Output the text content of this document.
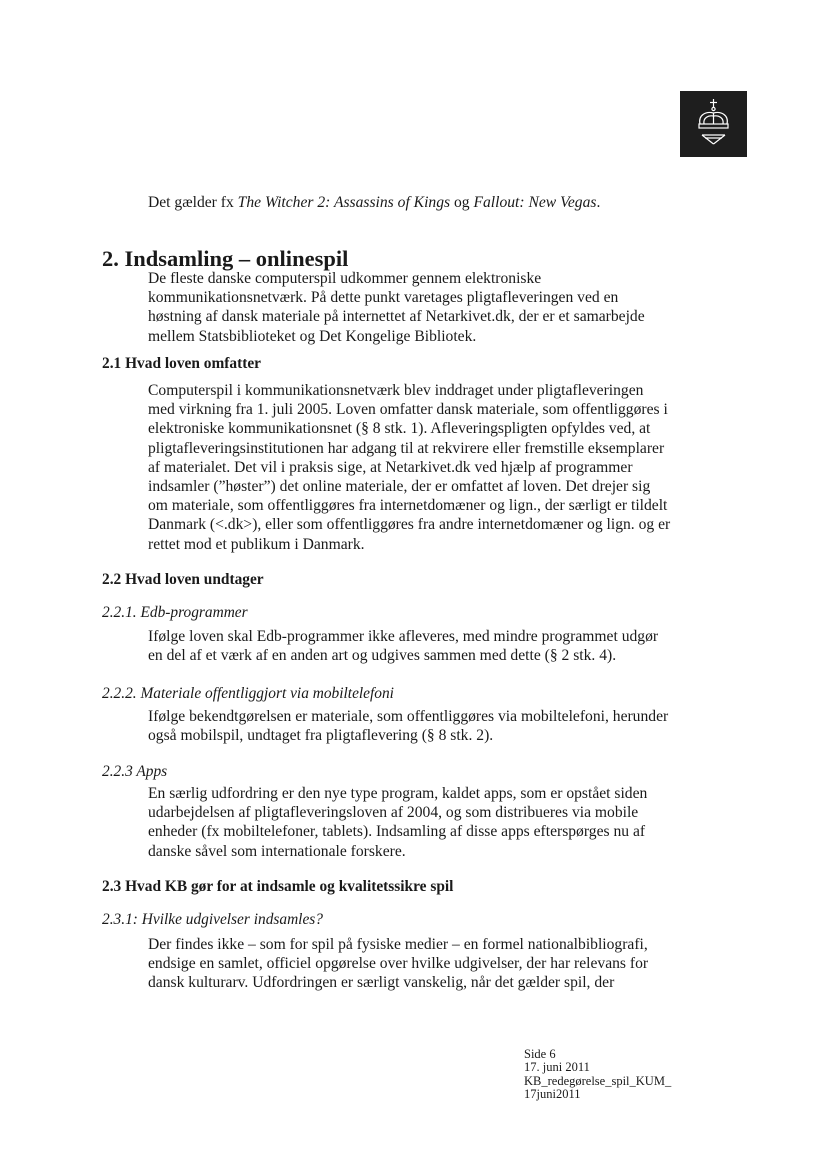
Det gælder fx The Witcher 2: Assassins of Kings og Fallout: New Vegas.

2. Indsamling – onlinespil
De fleste danske computerspil udkommer gennem elektroniske
kommunikationsnetværk. På dette punkt varetages pligtafleveringen ved en
høstning af dansk materiale på internettet af Netarkivet.dk, der er et samarbejde
mellem Statsbiblioteket og Det Kongelige Bibliotek.
2.1 Hvad loven omfatter
Computerspil i kommunikationsnetværk blev inddraget under pligtafleveringen
med virkning fra 1. juli 2005. Loven omfatter dansk materiale, som offentliggøres i
elektroniske kommunikationsnet (§ 8 stk. 1). Afleveringspligten opfyldes ved, at
pligtafleveringsinstitutionen har adgang til at rekvirere eller fremstille eksemplarer
af materialet. Det vil i praksis sige, at Netarkivet.dk ved hjælp af programmer
indsamler (”høster”) det online materiale, der er omfattet af loven. Det drejer sig
om materiale, som offentliggøres fra internetdomæner og lign., der særligt er tildelt
Danmark (<.dk>), eller som offentliggøres fra andre internetdomæner og lign. og er
rettet mod et publikum i Danmark.
2.2 Hvad loven undtager
2.2.1. Edb-programmer
Ifølge loven skal Edb-programmer ikke afleveres, med mindre programmet udgør
en del af et værk af en anden art og udgives sammen med dette (§ 2 stk. 4).
2.2.2. Materiale offentliggjort via mobiltelefoni
Ifølge bekendtgørelsen er materiale, som offentliggøres via mobiltelefoni, herunder
også mobilspil, undtaget fra pligtaflevering (§ 8 stk. 2).
2.2.3 Apps
En særlig udfordring er den nye type program, kaldet apps, som er opstået siden
udarbejdelsen af pligtafleveringsloven af 2004, og som distribueres via mobile
enheder (fx mobiltelefoner, tablets). Indsamling af disse apps efterspørges nu af
danske såvel som internationale forskere.
2.3 Hvad KB gør for at indsamle og kvalitetssikre spil
2.3.1: Hvilke udgivelser indsamles?
Der findes ikke – som for spil på fysiske medier – en formel nationalbibliografi,
endsige en samlet, officiel opgørelse over hvilke udgivelser, der har relevans for
dansk kulturarv. Udfordringen er særligt vanskelig, når det gælder spil, der
Side 6
17. juni 2011
KB_redegørelse_spil_KUM_
17juni2011
